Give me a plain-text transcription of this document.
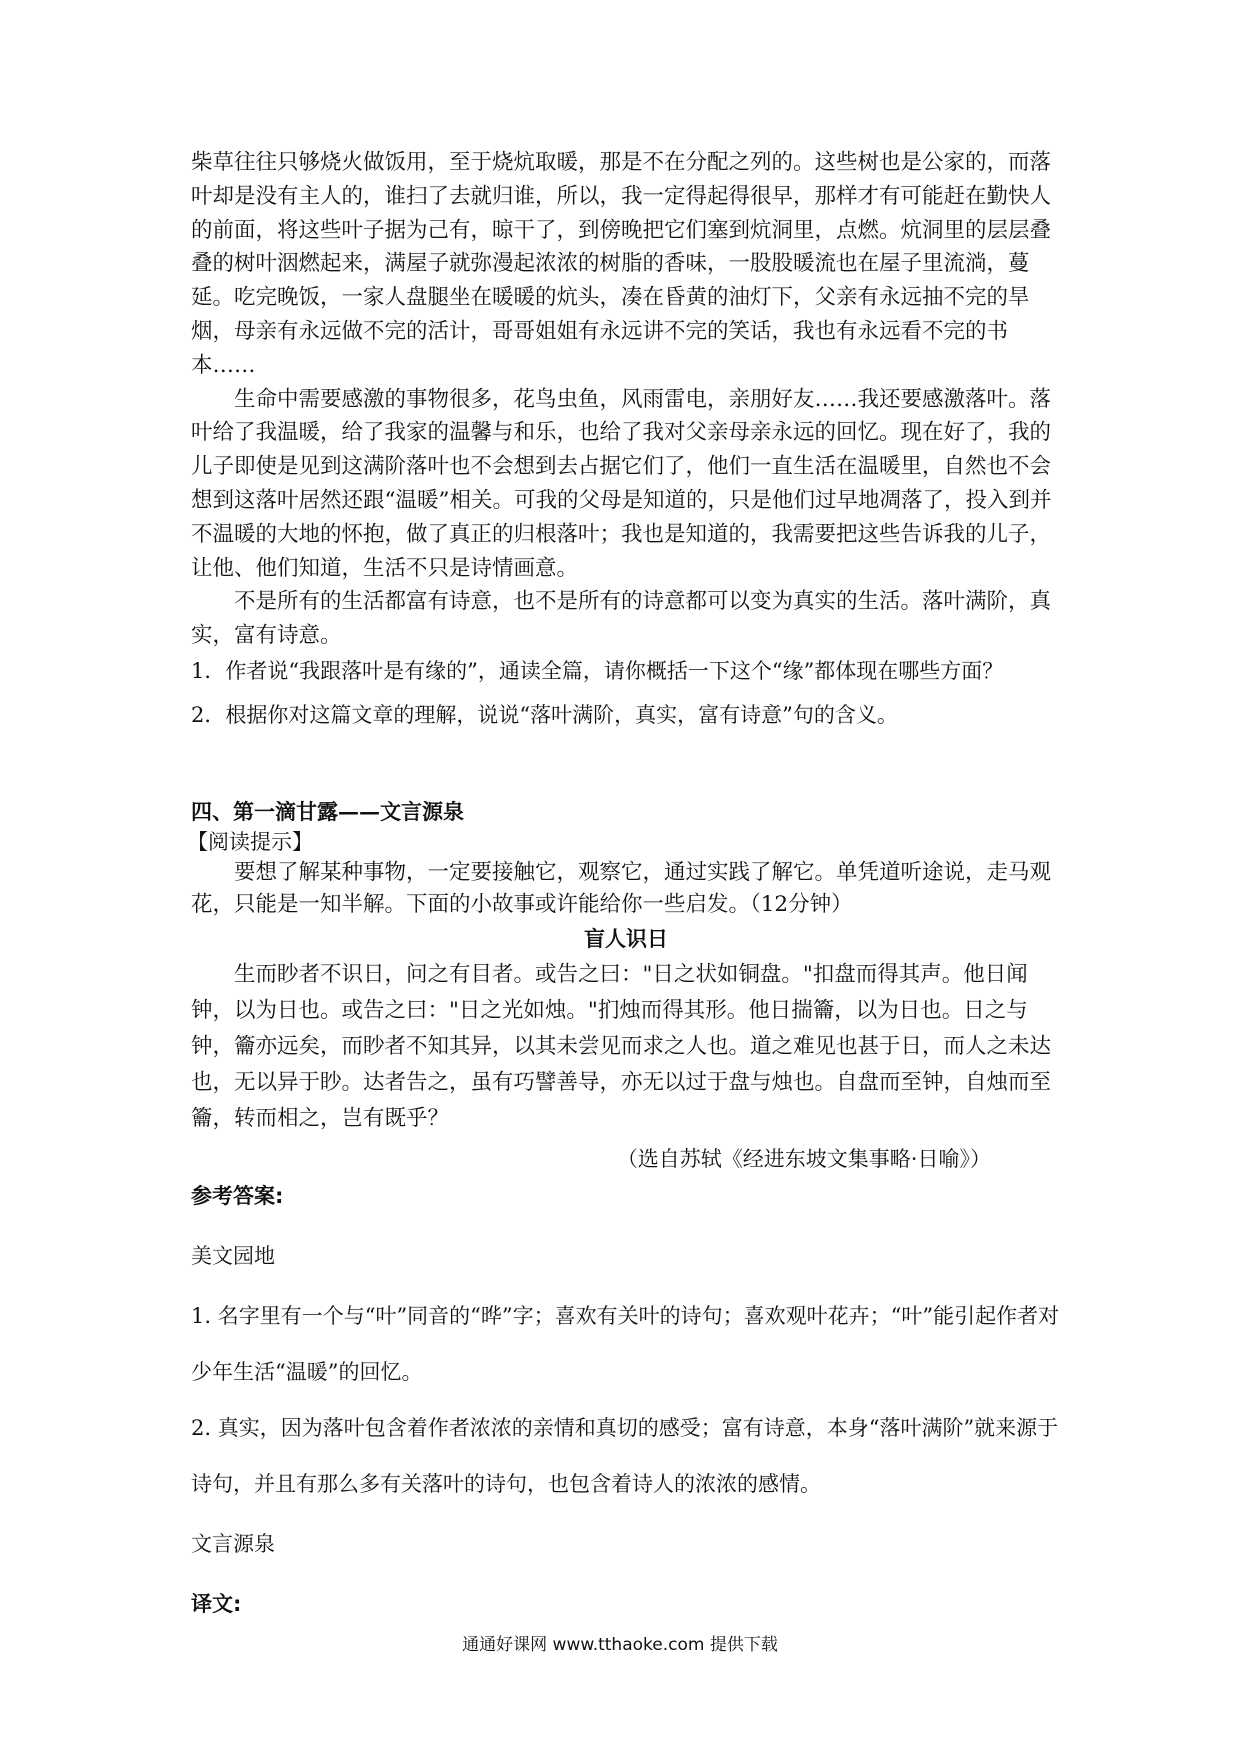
柴草往往只够烧火做饭用，至于烧炕取暖，那是不在分配之列的。这些树也是公家的，而落叶却是没有主人的，谁扫了去就归谁，所以，我一定得起得很早，那样才有可能赶在勤快人的前面，将这些叶子据为己有，晾干了，到傍晚把它们塞到炕洞里，点燃。炕洞里的层层叠叠的树叶洇燃起来，满屋子就弥漫起浓浓的树脂的香味，一股股暖流也在屋子里流淌，蔓延。吃完晚饭，一家人盘腿坐在暖暖的炕头，凑在昏黄的油灯下，父亲有永远抽不完的旱烟，母亲有永远做不完的活计，哥哥姐姐有永远讲不完的笑话，我也有永远看不完的书本……

生命中需要感激的事物很多，花鸟虫鱼，风雨雷电，亲朋好友……我还要感激落叶。落叶给了我温暖，给了我家的温馨与和乐，也给了我对父亲母亲永远的回忆。现在好了，我的儿子即使是见到这满阶落叶也不会想到去占据它们了，他们一直生活在温暖里，自然也不会想到这落叶居然还跟“温暖”相关。可我的父母是知道的，只是他们过早地凋落了，投入到并不温暖的大地的怀抱，做了真正的归根落叶；我也是知道的，我需要把这些告诉我的儿子，让他、他们知道，生活不只是诗情画意。

不是所有的生活都富有诗意，也不是所有的诗意都可以变为真实的生活。落叶满阶，真实，富有诗意。

1．作者说“我跟落叶是有缘的”，通读全篇，请你概括一下这个“缘”都体现在哪些方面？

2．根据你对这篇文章的理解，说说“落叶满阶，真实，富有诗意”句的含义。

四、第一滴甘露——文言源泉

【阅读提示】

要想了解某种事物，一定要接触它，观察它，通过实践了解它。单凭道听途说，走马观花，只能是一知半解。下面的小故事或许能给你一些启发。（12分钟）

盲人识日

生而眇者不识日，问之有目者。或告之曰："日之状如铜盘。"扣盘而得其声。他日闻钟，以为日也。或告之曰："日之光如烛。"扪烛而得其形。他日揣籥，以为日也。日之与钟，籥亦远矣，而眇者不知其异，以其未尝见而求之人也。道之难见也甚于日，而人之未达也，无以异于眇。达者告之，虽有巧譬善导，亦无以过于盘与烛也。自盘而至钟，自烛而至籥，转而相之，岂有既乎？

（选自苏轼《经进东坡文集事略·日喻》）

参考答案:

美文园地

1. 名字里有一个与“叶”同音的“晔”字；喜欢有关叶的诗句；喜欢观叶花卉；“叶”能引起作者对少年生活“温暖”的回忆。

2. 真实，因为落叶包含着作者浓浓的亲情和真切的感受；富有诗意，本身“落叶满阶”就来源于诗句，并且有那么多有关落叶的诗句，也包含着诗人的浓浓的感情。

文言源泉

译文:

通通好课网 www.tthaoke.com 提供下载
